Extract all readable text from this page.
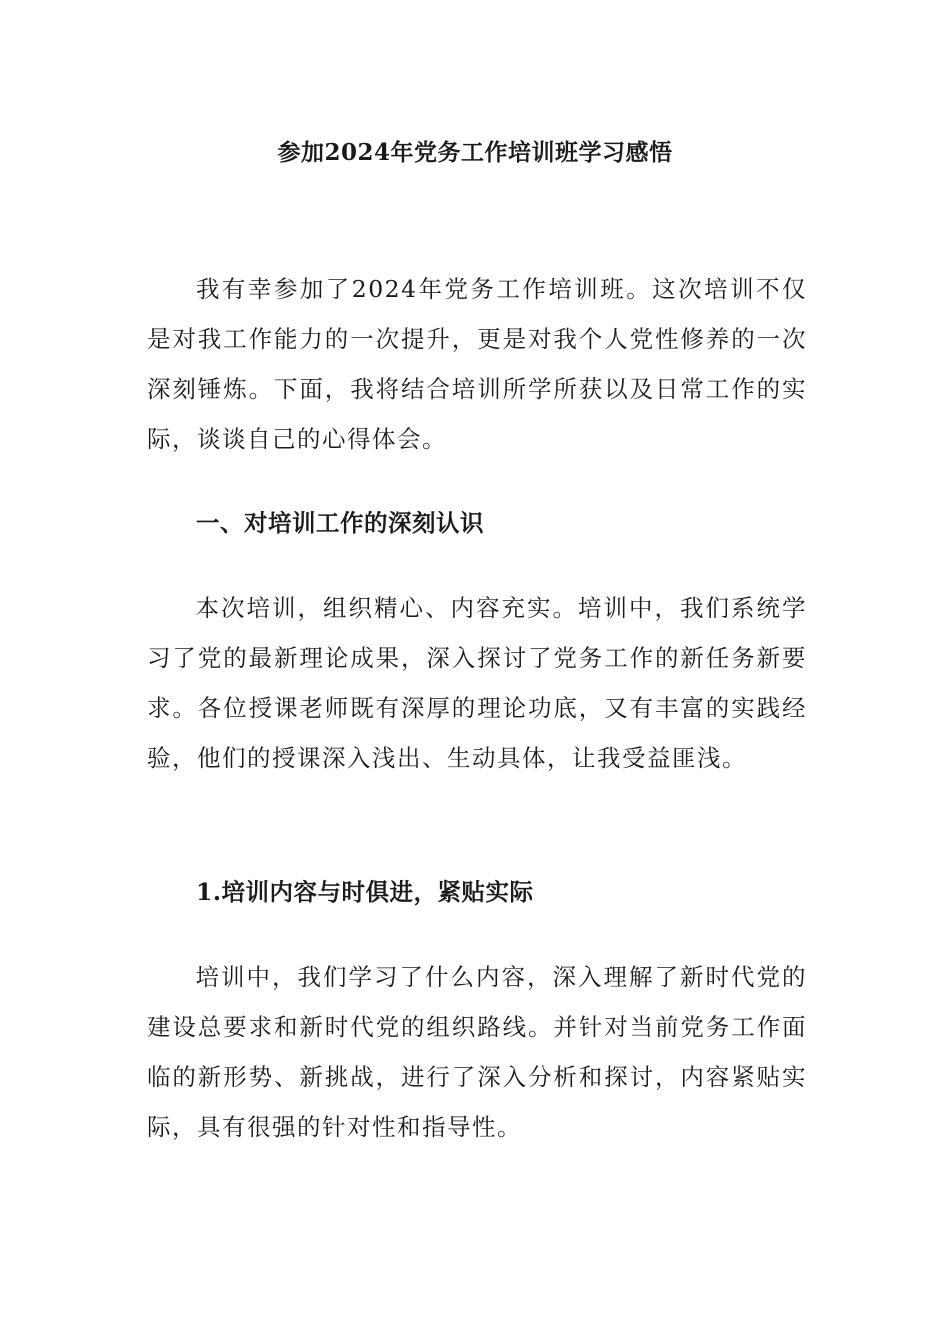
参加2024年党务工作培训班学习感悟

我有幸参加了2024年党务工作培训班。这次培训不仅是对我工作能力的一次提升，更是对我个人党性修养的一次深刻锤炼。下面，我将结合培训所学所获以及日常工作的实际，谈谈自己的心得体会。

一、对培训工作的深刻认识

本次培训，组织精心、内容充实。培训中，我们系统学习了党的最新理论成果，深入探讨了党务工作的新任务新要求。各位授课老师既有深厚的理论功底，又有丰富的实践经验，他们的授课深入浅出、生动具体，让我受益匪浅。

1.培训内容与时俱进，紧贴实际

培训中，我们学习了什么内容，深入理解了新时代党的建设总要求和新时代党的组织路线。并针对当前党务工作面临的新形势、新挑战，进行了深入分析和探讨，内容紧贴实际，具有很强的针对性和指导性。
